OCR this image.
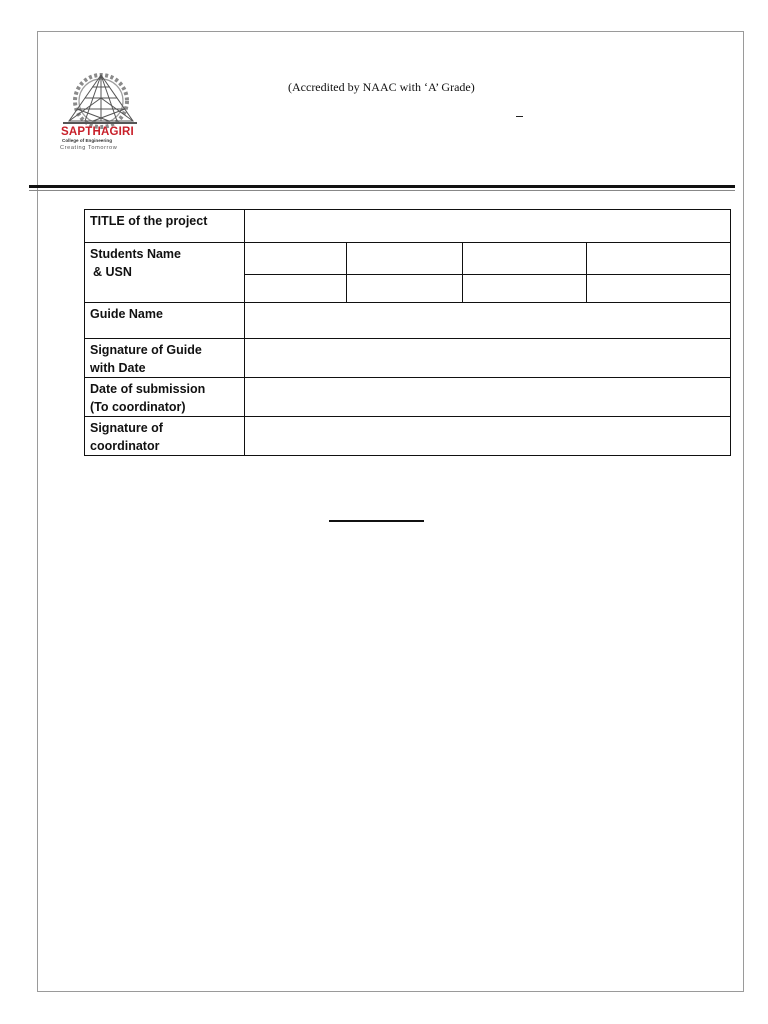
SAPTHAGIRI
College of Engineering
Creating Tomorrow
(Accredited by NAAC with ‘A’ Grade)
TITLE of the project				

Students Name
& USN				

Guide Name				

Signature of Guide
with Date				

Date of submission
(To coordinator)				

Signature of
coordinator				
